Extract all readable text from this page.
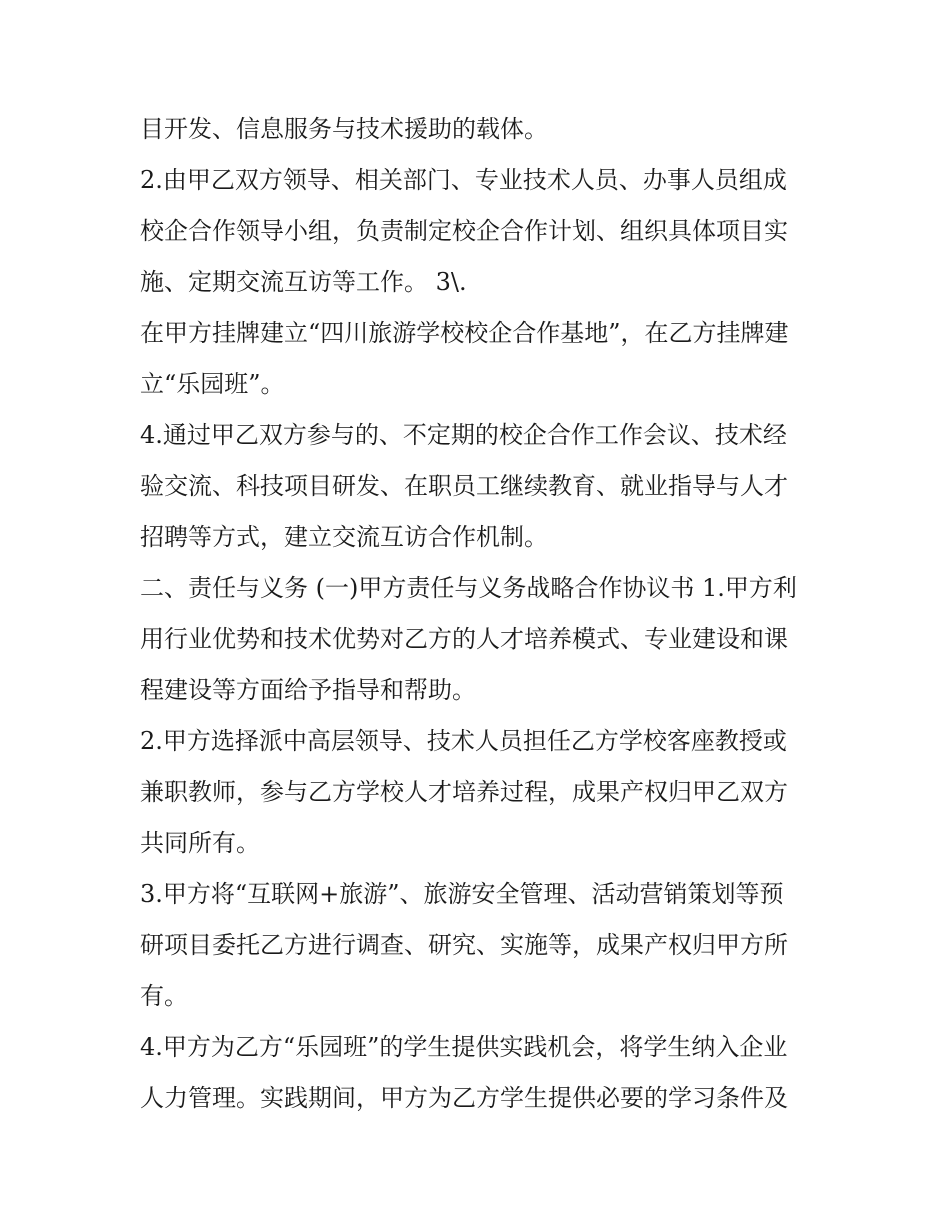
目开发、信息服务与技术援助的载体。
2.由甲乙双方领导、相关部门、专业技术人员、办事人员组成
校企合作领导小组，负责制定校企合作计划、组织具体项目实
施、定期交流互访等工作。 3\.
在甲方挂牌建立“四川旅游学校校企合作基地”，在乙方挂牌建
立“乐园班”。
4.通过甲乙双方参与的、不定期的校企合作工作会议、技术经
验交流、科技项目研发、在职员工继续教育、就业指导与人才
招聘等方式，建立交流互访合作机制。
二、责任与义务 (一)甲方责任与义务战略合作协议书 1.甲方利
用行业优势和技术优势对乙方的人才培养模式、专业建设和课
程建设等方面给予指导和帮助。
2.甲方选择派中高层领导、技术人员担任乙方学校客座教授或
兼职教师，参与乙方学校人才培养过程，成果产权归甲乙双方
共同所有。
3.甲方将“互联网+旅游”、旅游安全管理、活动营销策划等预
研项目委托乙方进行调查、研究、实施等，成果产权归甲方所
有。
4.甲方为乙方“乐园班”的学生提供实践机会，将学生纳入企业
人力管理。实践期间，甲方为乙方学生提供必要的学习条件及
